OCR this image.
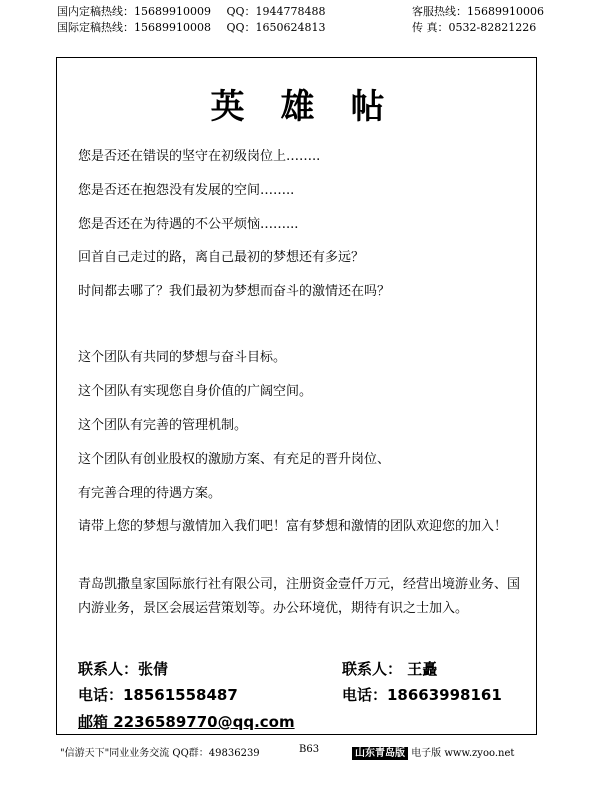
国内定稿热线：15689910009 QQ：1944778488
国际定稿热线：15689910008 QQ：1650624813
客服热线：15689910006
传 真：0532-82821226
英雄帖
您是否还在错误的坚守在初级岗位上……..
您是否还在抱怨没有发展的空间……..
您是否还在为待遇的不公平烦恼……...
回首自己走过的路，离自己最初的梦想还有多远？
时间都去哪了？我们最初为梦想而奋斗的激情还在吗？
这个团队有共同的梦想与奋斗目标。
这个团队有实现您自身价值的广阔空间。
这个团队有完善的管理机制。
这个团队有创业股权的激励方案、有充足的晋升岗位、
有完善合理的待遇方案。
请带上您的梦想与激情加入我们吧！富有梦想和激情的团队欢迎您的加入！
青岛凯撒皇家国际旅行社有限公司，注册资金壹仟万元，经营出境游业务、国内游业务，景区会展运营策划等。办公环境优，期待有识之士加入。
联系人：张倩
电话：18561558487
联系人： 王矗
电话：18663998161
邮箱 2236589770@qq.com
"信游天下"同业业务交流 QQ群：49836239	B63	山东青岛版 电子版 www.zyoo.net
